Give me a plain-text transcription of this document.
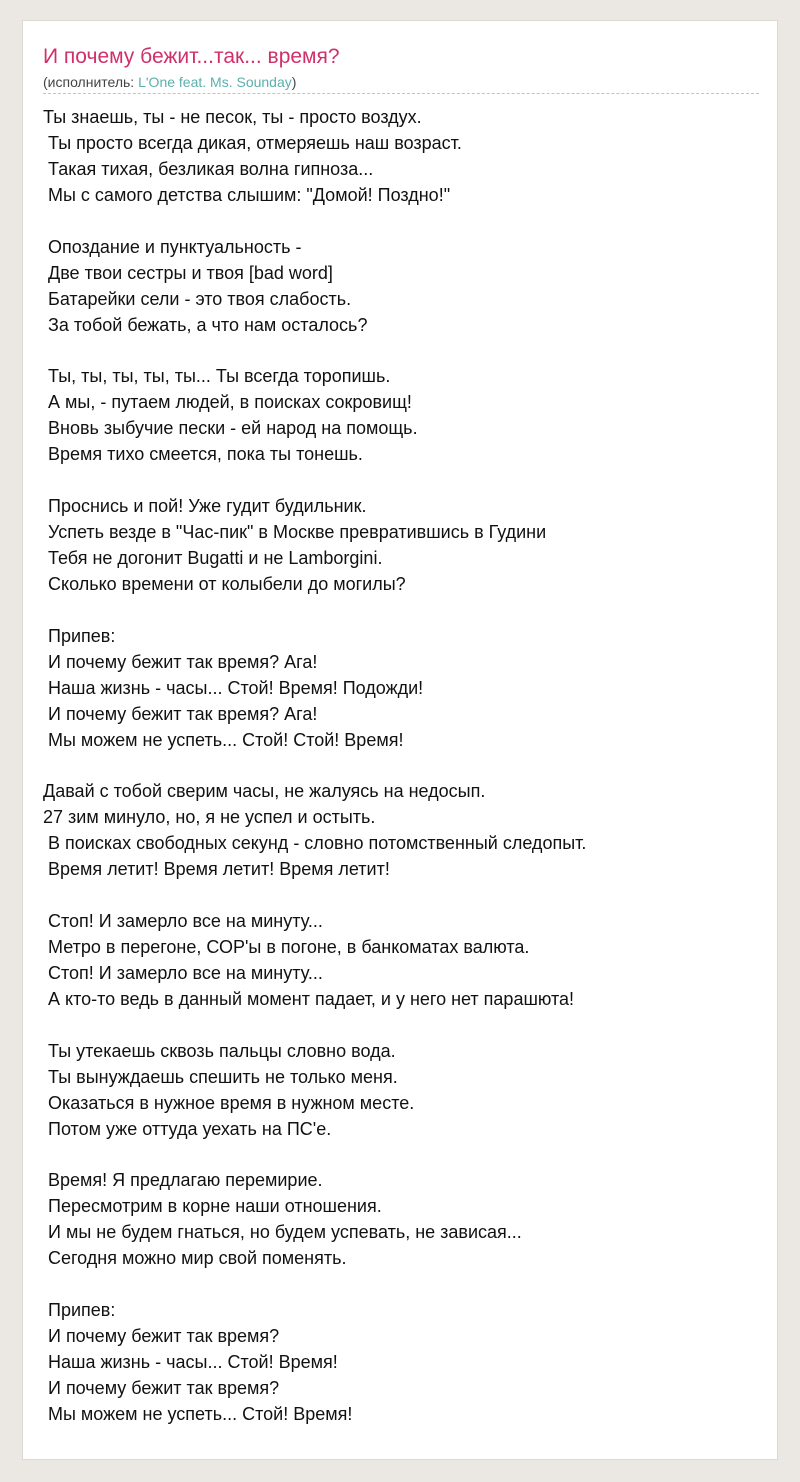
И почему бежит...так... время?
(исполнитель: L'One feat. Ms. Sounday)
Ты знаешь, ты - не песок, ты - просто воздух.
Ты просто всегда дикая, отмеряешь наш возраст.
Такая тихая, безликая волна гипноза...
Мы с самого детства слышим: "Домой! Поздно!"
Опоздание и пунктуальность -
Две твои сестры и твоя [bad word]
Батарейки сели - это твоя слабость.
За тобой бежать, а что нам осталось?
Ты, ты, ты, ты, ты... Ты всегда торопишь.
А мы, - путаем людей, в поисках сокровищ!
Вновь зыбучие пески - ей народ на помощь.
Время тихо смеется, пока ты тонешь.
Проснись и пой! Уже гудит будильник.
Успеть везде в "Час-пик" в Москве превратившись в Гудини
Тебя не догонит Bugatti и не Lamborgini.
Сколько времени от колыбели до могилы?
Припев:
И почему бежит так время? Ага!
Наша жизнь - часы... Стой! Время! Подожди!
И почему бежит так время? Ага!
Мы можем не успеть... Стой! Стой! Время!
Давай с тобой сверим часы, не жалуясь на недосып.
27 зим минуло, но, я не успел и остыть.
В поисках свободных секунд - словно потомственный следопыт.
Время летит! Время летит! Время летит!
Стоп! И замерло все на минуту...
Метро в перегоне, СОР'ы в погоне, в банкоматах валюта.
Стоп! И замерло все на минуту...
А кто-то ведь в данный момент падает, и у него нет парашюта!
Ты утекаешь сквозь пальцы словно вода.
Ты вынуждаешь спешить не только меня.
Оказаться в нужное время в нужном месте.
Потом уже оттуда уехать на ПС'е.
Время! Я предлагаю перемирие.
Пересмотрим в корне наши отношения.
И мы не будем гнаться, но будем успевать, не зависая...
Сегодня можно мир свой поменять.
Припев:
И почему бежит так время?
Наша жизнь - часы... Стой! Время!
И почему бежит так время?
Мы можем не успеть... Стой! Время!
